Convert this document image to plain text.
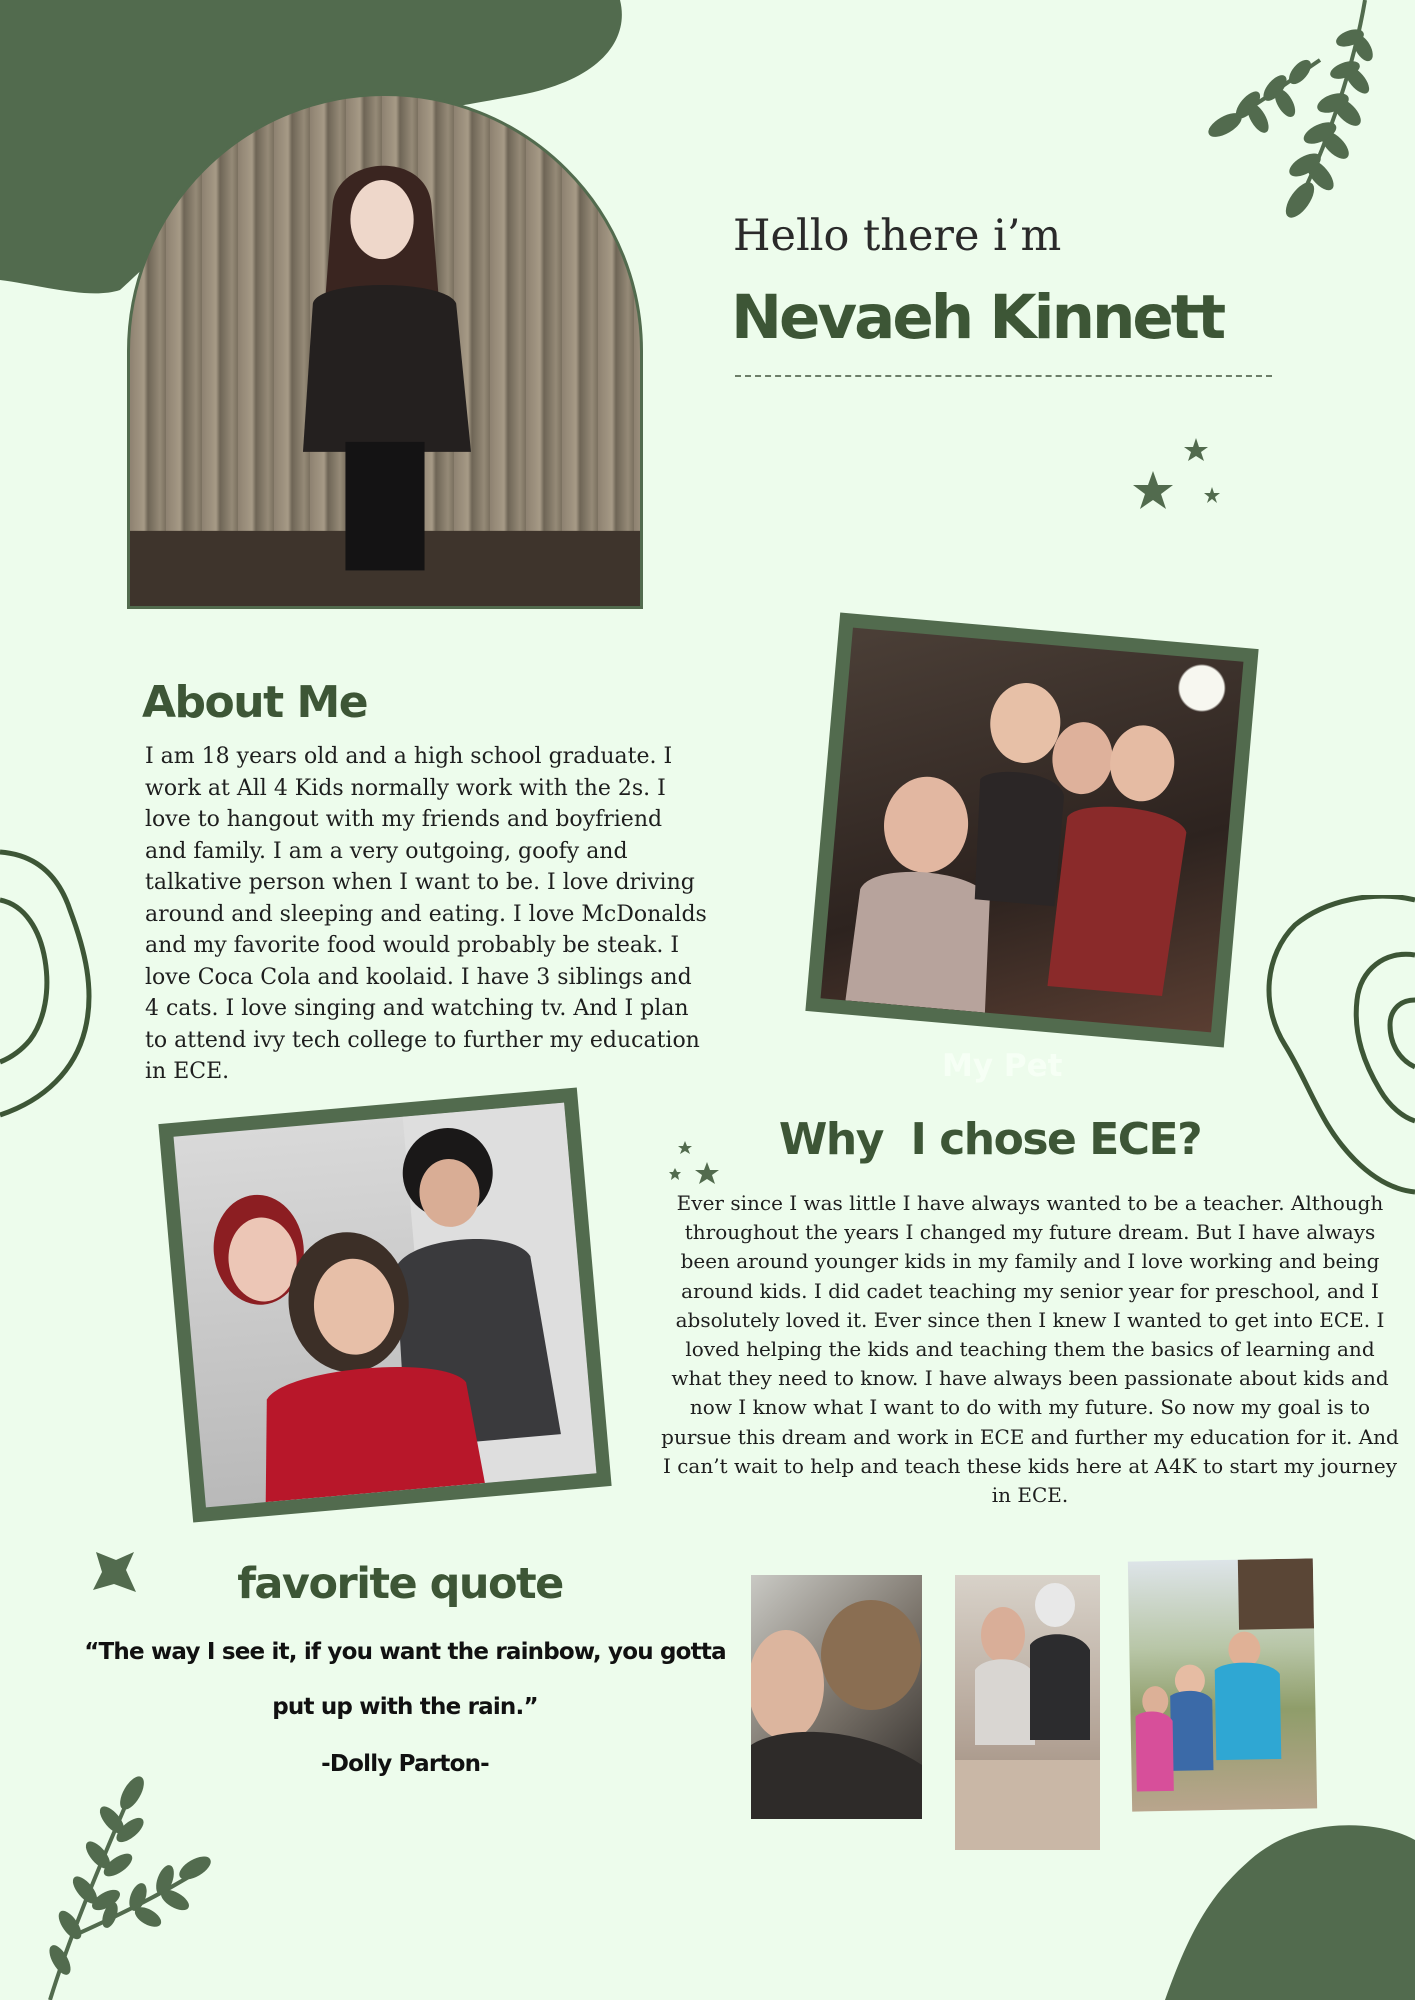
Hello there i’m
Nevaeh Kinnett
My Pet
About Me
I am 18 years old and a high school graduate. I
work at All 4 Kids normally work with the 2s. I
love to hangout with my friends and boyfriend
and family. I am a very outgoing, goofy and
talkative person when I want to be. I love driving
around and sleeping and eating. I love McDonalds
and my favorite food would probably be steak. I
love Coca Cola and koolaid. I have 3 siblings and
4 cats. I love singing and watching tv. And I plan
to attend ivy tech college to further my education
in ECE.
Why  I chose ECE?
Ever since I was little I have always wanted to be a teacher. Although
throughout the years I changed my future dream. But I have always
been around younger kids in my family and I love working and being
around kids. I did cadet teaching my senior year for preschool, and I
absolutely loved it. Ever since then I knew I wanted to get into ECE. I
loved helping the kids and teaching them the basics of learning and
what they need to know. I have always been passionate about kids and
now I know what I want to do with my future. So now my goal is to
pursue this dream and work in ECE and further my education for it. And
I can’t wait to help and teach these kids here at A4K to start my journey
in ECE.
favorite quote
“The way I see it, if you want the rainbow, you gotta
put up with the rain.”
-Dolly Parton-
